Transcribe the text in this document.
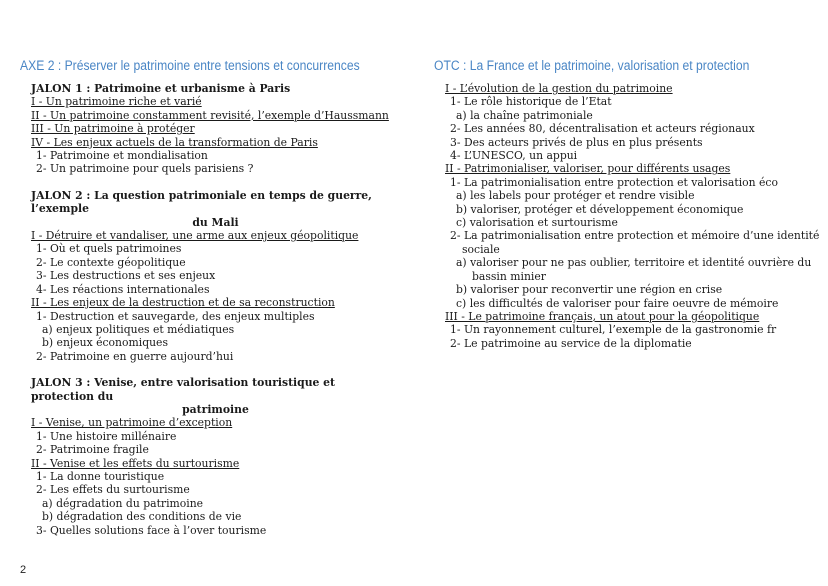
AXE 2 : Préserver le patrimoine entre tensions et concurrences
JALON 1 : Patrimoine et urbanisme à Paris
I - Un patrimoine riche et varié
II - Un patrimoine constamment revisité, l’exemple d’Haussmann
III - Un patrimoine à protéger
IV - Les enjeux actuels de la transformation de Paris
1- Patrimoine et mondialisation
2- Un patrimoine pour quels parisiens ?
JALON 2 : La question patrimoniale en temps de guerre, l’exemple
du Mali
I - Détruire et vandaliser, une arme aux enjeux géopolitique
1- Où et quels patrimoines
2- Le contexte géopolitique
3- Les destructions et ses enjeux
4- Les réactions internationales
II - Les enjeux de la destruction et de sa reconstruction
1- Destruction et sauvegarde, des enjeux multiples
a) enjeux politiques et médiatiques
b) enjeux économiques
2- Patrimoine en guerre aujourd’hui
JALON 3 : Venise, entre valorisation touristique et protection du
patrimoine
I - Venise, un patrimoine d’exception
1- Une histoire millénaire
2- Patrimoine fragile
II - Venise et les effets du surtourisme
1- La donne touristique
2- Les effets du surtourisme
a) dégradation du patrimoine
b) dégradation des conditions de vie
3- Quelles solutions face à l’over tourisme
OTC : La France et le patrimoine, valorisation et protection
I - L’évolution de la gestion du patrimoine
1- Le rôle historique de l’Etat
a) la chaîne patrimoniale
2- Les années 80, décentralisation et acteurs régionaux
3- Des acteurs privés de plus en plus présents
4- L’UNESCO, un appui
II - Patrimonialiser, valoriser, pour différents usages
1- La patrimonialisation entre protection et valorisation éco
a) les labels pour protéger et rendre visible
b) valoriser, protéger et développement économique
c) valorisation et surtourisme
2- La patrimonialisation entre protection et mémoire d’une identité
sociale
a) valoriser pour ne pas oublier, territoire et identité ouvrière du
bassin minier
b) valoriser pour reconvertir une région en crise
c) les difficultés de valoriser pour faire oeuvre de mémoire
III - Le patrimoine français, un atout pour la géopolitique
1- Un rayonnement culturel, l’exemple de la gastronomie fr
2- Le patrimoine au service de la diplomatie
2
